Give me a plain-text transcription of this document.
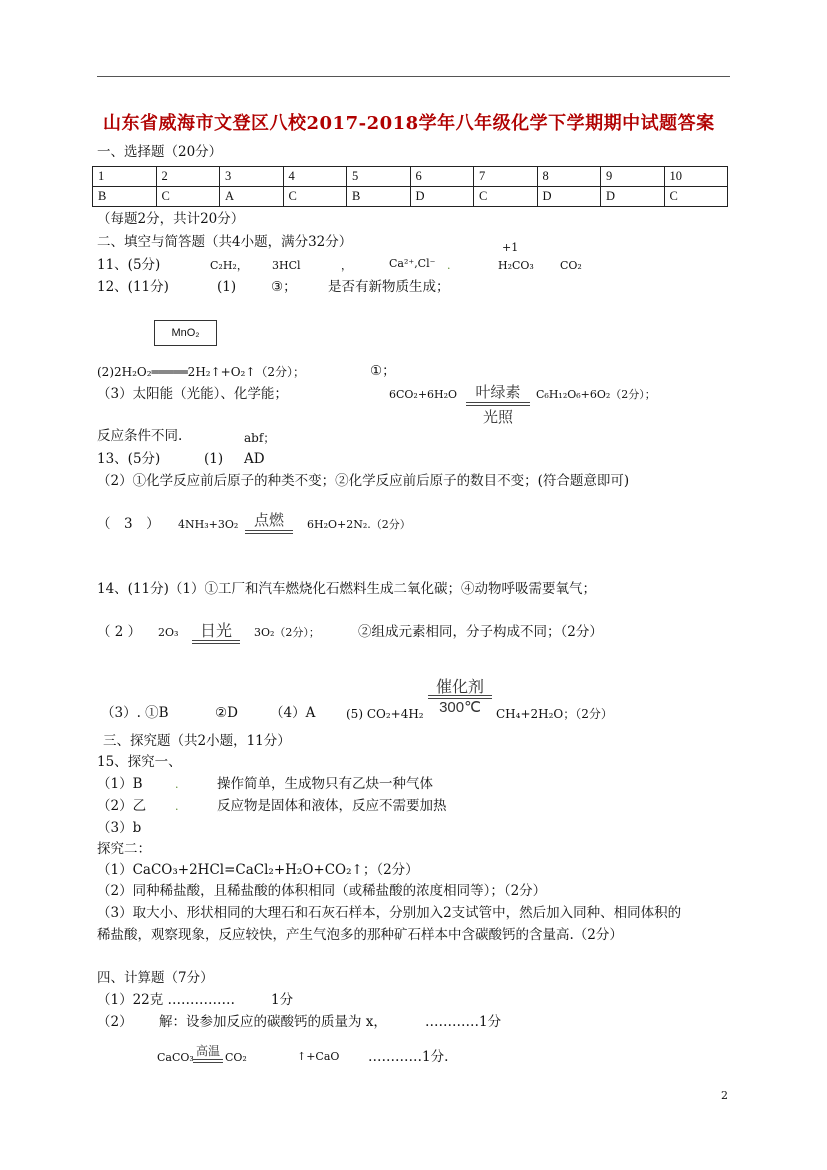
山东省威海市文登区八校2017-2018学年八年级化学下学期期中试题答案
一、选择题（20分）
1	2	3	4	5	6	7	8	9	10
B	C	A	C	B	D	C	D	D	C
（每题2分，共计20分）
二、填空与简答题（共4小题，满分32分）
11、(5分)	C₂H₂， 3HCl	，	Ca²⁺,Cl⁻ .
+1
H₂CO₃ CO₂
12、(11分)	(1)	③； 是否有新物质生成；
MnO₂
(2)2H₂O₂═════2H₂↑+O₂↑（2分）；	①；
（3）太阳能（光能）、化学能；	6CO₂+6H₂O	叶绿素
光照
C₆H₁₂O₆+6O₂（2分）；
反应条件不同.	abf；
13、(5分)	(1) AD
（2）①化学反应前后原子的种类不变；②化学反应前后原子的数目不变；(符合题意即可)
（　3　） 4NH₃+3O₂	点燃	6H₂O+2N₂.（2分）
14、(11分)（1）①工厂和汽车燃烧化石燃料生成二氧化碳；④动物呼吸需要氧气；
（ 2 ） 2O₃	日光	3O₂（2分）；	②组成元素相同，分子构成不同；（2分）
催化剂
300℃
（3）. ①B	②D （4）A	(5) CO₂+4H₂	CH₄+2H₂O；（2分）
三、探究题（共2小题，11分）
15、探究一、
（1）B	.	操作简单，生成物只有乙炔一种气体
（2）乙	.	反应物是固体和液体，反应不需要加热
（3）b
探究二：
（1）CaCO₃+2HCl=CaCl₂+H₂O+CO₂↑；（2分）
（2）同种稀盐酸，且稀盐酸的体积相同（或稀盐酸的浓度相同等）；（2分）
（3）取大小、形状相同的大理石和石灰石样本，分别加入2支试管中，然后加入同种、相同体积的
稀盐酸，观察现象，反应较快，产生气泡多的那种矿石样本中含碳酸钙的含量高.（2分）
四、计算题（7分）
（1）22克 ……………	1分
（2） 解：设参加反应的碳酸钙的质量为 x，	…………1分
CaCO₃ 高温 CO₂	↑+CaO …………1分.
2
